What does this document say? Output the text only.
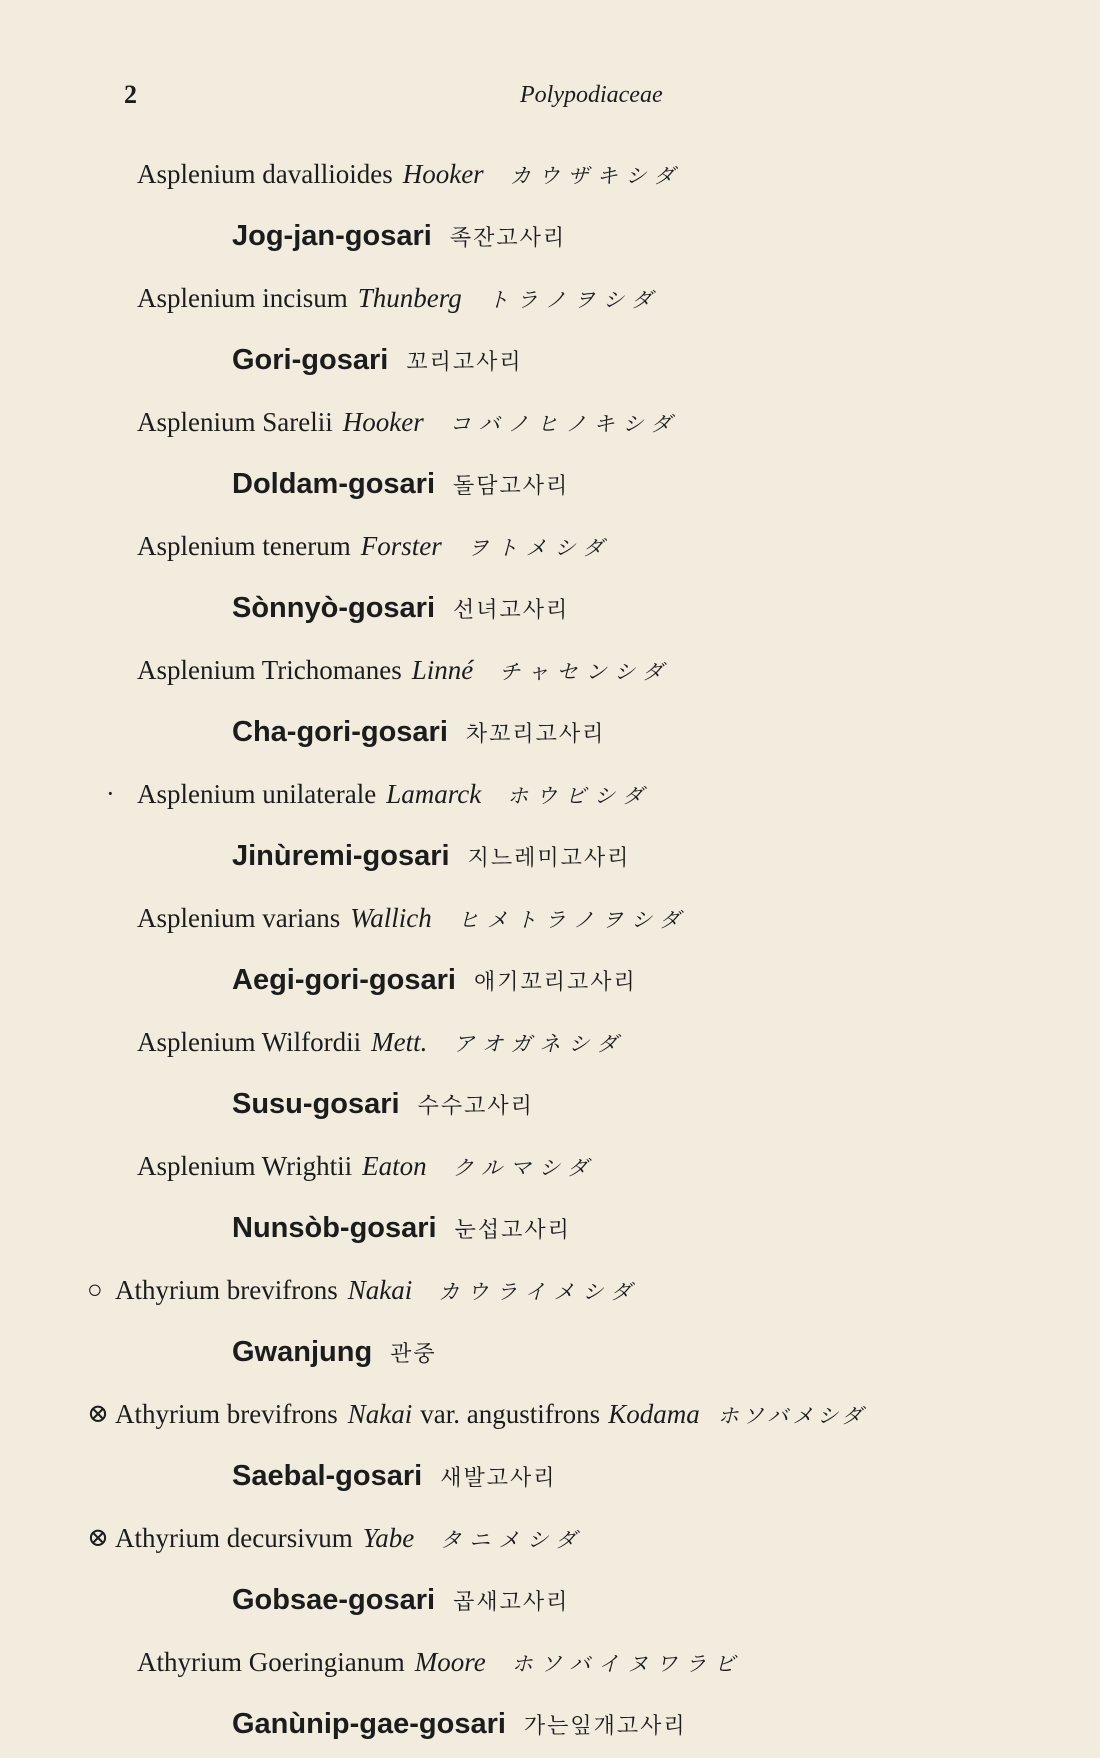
2	Polypodiaceae
Asplenium davallioides Hooker カウザキシダ
Jog-jan-gosari 족잔고사리
Asplenium incisum Thunberg トラノヲシダ
Gori-gosari 꼬리고사리
Asplenium Sarelii Hooker コバノヒノキシダ
Doldam-gosari 돌담고사리
Asplenium tenerum Forster ヲトメシダ
Sònnyò-gosari 선녀고사리
Asplenium Trichomanes Linné チャセンシダ
Cha-gori-gosari 차꼬리고사리
· Asplenium unilaterale Lamarck ホウビシダ
Jinùremi-gosari 지느레미고사리
Asplenium varians Wallich ヒメトラノヲシダ
Aegi-gori-gosari 애기꼬리고사리
Asplenium Wilfordii Mett. アオガネシダ
Susu-gosari 수수고사리
Asplenium Wrightii Eaton クルマシダ
Nunsòb-gosari 눈섭고사리
○ Athyrium brevifrons Nakai カウライメシダ
Gwanjung 관중
⊗ Athyrium brevifrons Nakai var. angustifrons Kodama ホソバメシダ
Saebal-gosari 새발고사리
⊗ Athyrium decursivum Yabe タニメシダ
Gobsae-gosari 곱새고사리
Athyrium Goeringianum Moore ホソバイヌワラビ
Ganùnip-gae-gosari 가는잎개고사리
